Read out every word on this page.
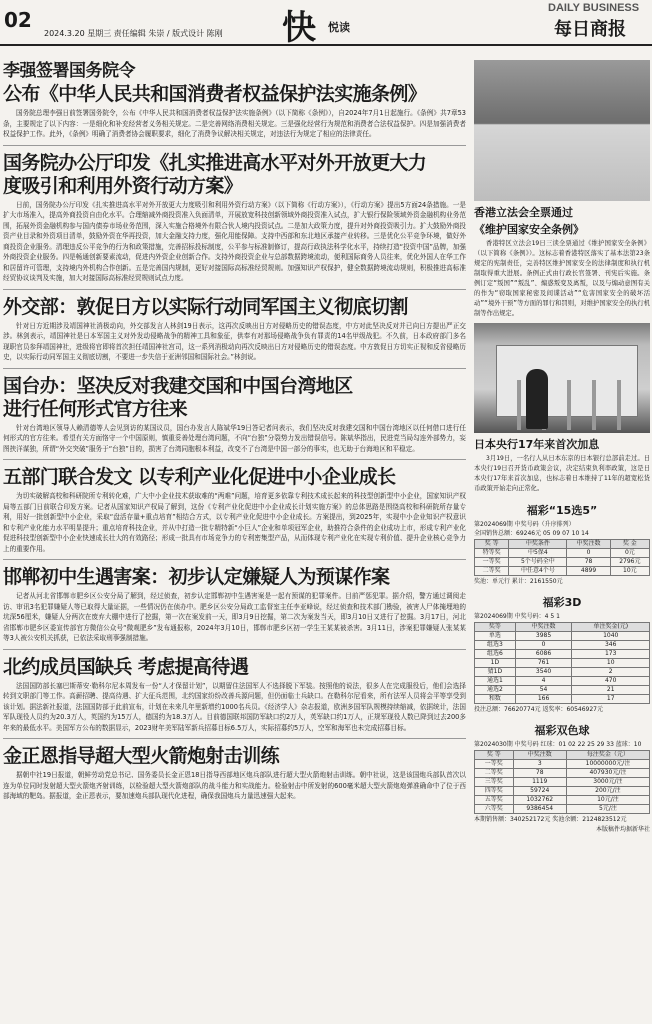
02
2024.3.20 星期三 责任编辑 朱崇 / 版式设计 陈刚 快 悦读
DAILY BUSINESS
每日商报
李强签署国务院令
公布《中华人民共和国消费者权益保护法实施条例》

国务院总理李强日前签署国务院令，公布《中华人民共和国消费者权益保护法实施条例》（以下简称《条例》），自2024年7月1日起施行。《条例》共7章53条，主要规定了以下内容：一是细化和补充经营者义务相关规定。二是完善网络消费相关规定。三是强化经营行为规范和消费者合法权益保护。四是加强消费者权益保护工作。此外，《条例》明确了消费者协会履职要求，细化了消费争议解决相关规定，对违法行为规定了相应的法律责任。

国务院办公厅印发《扎实推进高水平对外开放更大力
度吸引和利用外资行动方案》

日前，国务院办公厅印发《扎实推进高水平对外开放更大力度吸引和利用外资行动方案》（以下简称《行动方案》），《行动方案》提出5方面24条措施。一是扩大市场准入，提高外商投资自由化水平。合理缩减外商投资准入负面清单，开展放宽科技创新领域外商投资准入试点，扩大银行保险领域外资金融机构业务范围，拓展外资金融机构参与国内债券市场业务范围，深入实施合格境外有限合伙人境内投资试点。二是加大政策力度，提升对外商投资吸引力。扩大鼓励外商投资产业目录和外资项目清单，鼓励外资在华再投资，加大金融支持力度，强化用能保障。支持中西部和东北地区承接产业转移。三是优化公平竞争环境，做好外商投资企业服务。清理违反公平竞争的行为和政策措施，完善招标投标制度，公平参与标准制修订，提高行政执法科学化水平，持续打造“投资中国”品牌，加强外商投资企业服务。四是畅通创新要素流动，促进内外资企业创新合作。支持外商投资企业与总部数据跨境流动，便利国际商务人员往来，优化外国人在华工作和居留许可管理，支持境内外机构合作创新。五是完善国内规制，更好对接国际高标准经贸规则。加强知识产权保护，健全数据跨境流动规则，积极推进高标准经贸协议谈判及实施，加大对接国际高标准经贸规则试点力度。

外交部：敦促日方以实际行动同军国主义彻底切割

针对日方近期涉及靖国神社消极动向，外交部发言人林剑19日表示，这再次反映出日方对侵略历史的错误态度，中方对此坚决反对并已向日方提出严正交涉。林剑表示，靖国神社是日本军国主义对外发动侵略战争的精神工具和象征，供奉有对那场侵略战争负有罪责的14名甲级战犯。不久前，日本政府部门多名现职官员参拜靖国神社，进级将官即将首次担任靖国神社宫司，这一系列消极动向再次反映出日方对侵略历史的错误态度。中方敦促日方切实正视和反省侵略历史，以实际行动同军国主义彻底切割，不要进一步失信于亚洲邻国和国际社会。”林剑说。

国台办：坚决反对我建交国和中国台湾地区
进行任何形式官方往来

针对台湾地区领导人赖清德等人会见到访的某国议员，国台办发言人陈斌华19日答记者问表示，我们坚决反对我建交国和中国台湾地区以任何借口进行任何形式的官方往来。希望有关方面恪守一个中国原则，慎重妥善处理台湾问题，不向“台独”分裂势力发出错误信号。陈斌华指出，民进党当局勾连外部势力，妄图挟洋谋独，所谓“外交突破”服务于“台独”目的，损害了台湾同胞根本利益，改变不了台湾是中国一部分的事实，也无助于台海地区和平稳定。

五部门联合发文 以专利产业化促进中小企业成长

为切实破解高校和科研院所专利转化难，广大中小企业技术获取难的“两难”问题，培育更多依靠专利技术成长起来的科技型创新型中小企业，国家知识产权局等五部门日前联合印发方案。记者从国家知识产权局了解到，这份《专利产业化促进中小企业成长计划实施方案》的总体思路是围绕高校和科研院所存量专利，用好一批创新型中小企业，采取“盘活存量+重点培育”相结合方式，以专利产业化促进中小企业成长。方案提出，到2025年，实现中小企业知识产权意识和专利产业化能力水平明显提升；重点培育科技企业，并从中打造一批专精特新“小巨人”企业和单项冠军企业，助推符合条件的企业成功上市，形成专利产业化促进科技型创新型中小企业快速成长壮大的有效路径；形成一批具有市场竞争力的专利密集型产品，从而体现专利产业化在实现专利价值、提升企业核心竞争力上的重要作用。

邯郸初中生遇害案：初步认定嫌疑人为预谋作案

记者从河北省邯郸市肥乡区公安分局了解到，经过侦查，初步认定邯郸初中生遇害案是一起有预谋的犯罪案件。目前严惩犯罪。据介绍，警方通过调阅走访、审讯3名犯罪嫌疑人等已取得大量证据，一些情况仍在侦办中。肥乡区公安分局政工监督室主任李亚峰说，经过侦查和技术部门勘验，被害人尸体掩埋地的坑深56厘米，嫌疑人分两次在废弃大棚中进行了挖掘，第一次在案发前一天，即3月9日挖掘，第二次为案发当天，即3月10日又进行了挖掘。3月17日，河北省邯郸市肥乡区委宣传部官方微信公众号“微观肥乡”发布通报称，2024年3月10日，邯郸市肥乡区初一学生王某某被杀害。3月11日，涉案犯罪嫌疑人张某某等3人被公安机关抓获，已依法采取刑事强制措施。

北约成员国缺兵 考虑提高待遇

法国国防部长塞巴斯蒂安·勒科尔尼本周发布一份“人才保留计划”，以期留住法国军人不选择脱下军装。按照他的说法，很多人在完成服役后，他们会选择转到文职部门等工作。高薪招聘、提高待遇、扩大征兵范围，北约国家纷纷改善兵源问题，但仍面临士兵缺口。在勒科尔尼看来，所有法军人员将会平等享受到该计划。据法新社报道，法国国防部于此前宣布，计划在未来几年里新增约1000名兵员。《经济学人》杂志报道，欧洲多国军队规模持续缩减，依据统计，法国军队现役人员约为20.3万人，英国约为15万人，德国约为18.3万人。目前德国联邦国防军缺口约2万人，英军缺口约1万人，正规军现役人数已降到过去200多年来的最低水平。美国军方公布的数据显示，2023财年美军陆军新兵招募目标6.5万人，实际招募约5万人，空军和海军也未完成招募目标。

金正恩指导超大型火箭炮射击训练

据朝中社19日报道，朝鲜劳动党总书记、国务委员长金正恩18日指导西部地区炮兵部队进行超大型火箭炮射击训练。朝中社说，这是该国炮兵部队首次以连为单位同时发射超大型火箭炮齐射训练，以检验超大型火箭炮部队的战斗能力和实战能力。检验射击中所发射的600毫米超大型火箭炮炮弹准确命中了位于西部海域的靶岛。据报道，金正恩表示，要加速炮兵部队现代化进程，确保我国炮兵力量迅速强大起来。

香港立法会全票通过
《维护国家安全条例》

香港特区立法会19日三读全票通过《维护国家安全条例》（以下简称《条例》）。这标志着香港特区落实了基本法第23条规定的宪制责任，完善特区维护国家安全的法律制度和执行机制取得重大进展。条例正式由行政长官签署、刊宪后实施。条例订定“叛国”“叛乱”、煽惑叛变及离叛，以及与煽动意图有关的作为“窃取国家秘密及间谍活动”“危害国家安全的破坏活动”“境外干预”等方面的罪行和罚则，对维护国家安全的执行机制等作出规定。

日本央行17年来首次加息

3月19日，一名行人从日本东京的日本银行总部前走过。日本央行19日召开货币政策会议，决定结束负利率政策，这是日本央行17年来首次加息，也标志着日本维持了11年的超宽松货币政策开始走向正常化。

福彩“15选5”
第2024069期 中奖号码（升序排列）
全国销售总额：69246元 05 09 07 10 14
奖 等	中奖条件	中奖注数	奖 金
特等奖	中5保4	0	0元
一等奖	5个号码全中	78	2796元
二等奖	中任意4个号	4899	10元
奖池：单元行 累计：2161550元
福彩3D
第2024069期 中奖号码：4 5 1
奖等	中奖注数	单注奖金(元)
单选	3985	1040
组选3	0	346
组选6	6086	173
1D	761	10
猜1D	3540	2
通选1	4	470
通选2	54	21
和数	166	17
投注总额：76620774元 返奖率：60546927元
福彩双色球
第2024030期 中奖号码 红球：01 02 22 25 29 33 蓝球：10
奖 等	中奖注数	每注奖金（元）
一等奖	3	10000000元/注
二等奖	78	407930元/注
三等奖	1119	3000元/注
四等奖	59724	200元/注
五等奖	1032762	10元/注
六等奖	9386454	5元/注
本期销售额：340252172元 奖池余额：2124823512元
本版稿件均据新华社
